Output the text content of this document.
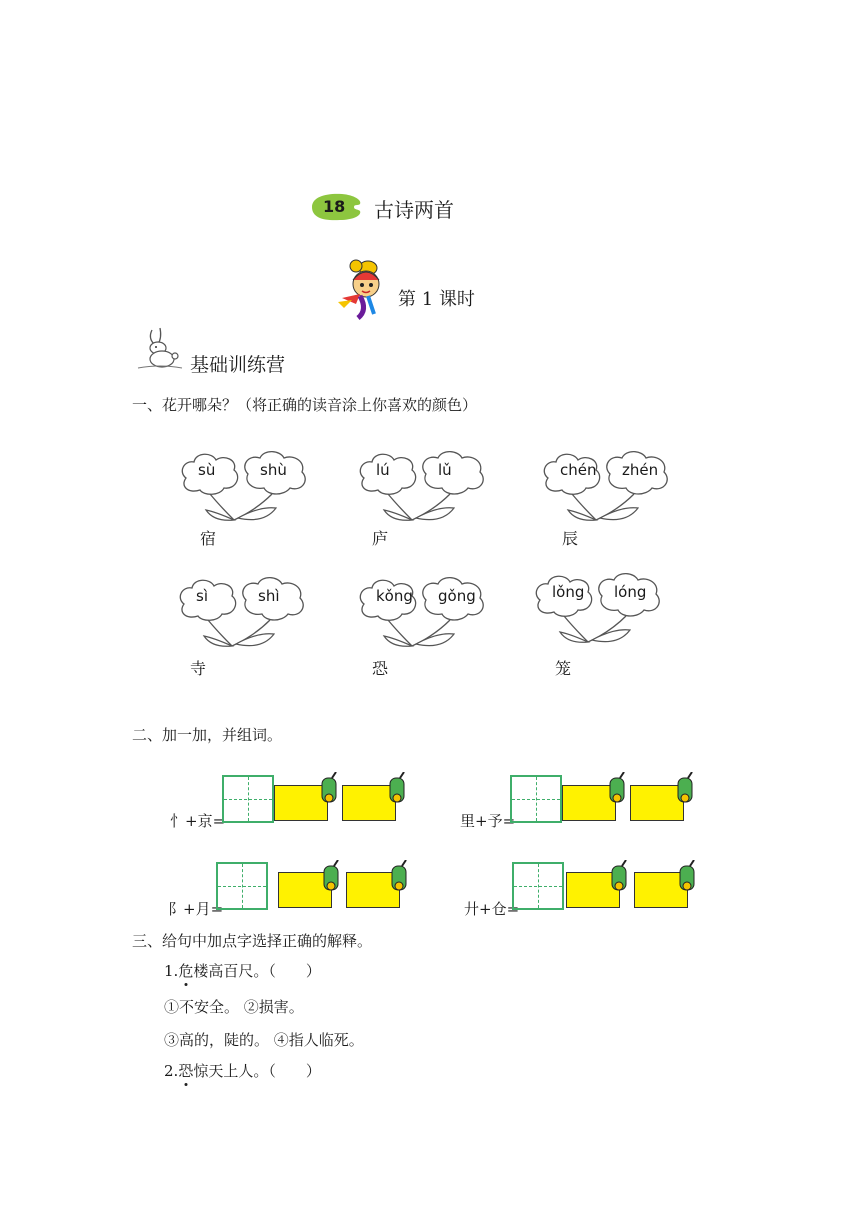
18 古诗两首
第 1 课时
基础训练营
一、花开哪朵？（将正确的读音涂上你喜欢的颜色）
sù	shù
宿
lú	lǔ
庐
chén zhén
辰
sì	shì
寺
kǒng gǒng
恐
lǒng lóng
笼
二、加一加，并组词。
忄+京=	里+予=
阝+月=	廾+仓=
三、给句中加点字选择正确的解释。
1.危楼高百尺。（　　）
①不安全。 ②损害。
③高的，陡的。 ④指人临死。
2.恐惊天上人。（　　）
